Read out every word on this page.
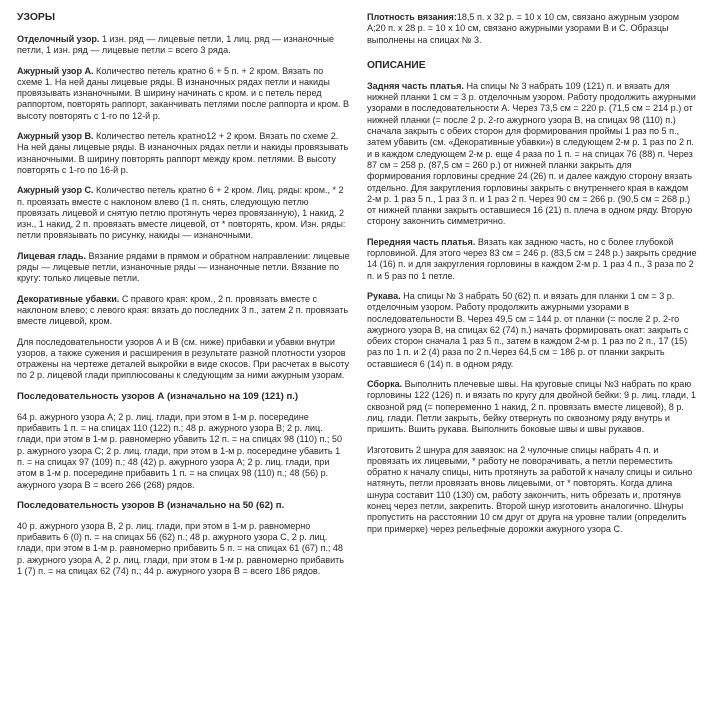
УЗОРЫ

Отделочный узор. 1 изн. ряд — лицевые петли, 1 лиц. ряд — изнаночные петли, 1 изн. ряд — лицевые петли = всего 3 ряда.

Ажурный узор А. Количество петель кратно 6 + 5 п. + 2 кром. Вязать по схеме 1. На ней даны лицевые ряды. В изнаночных рядах петли и накиды провязывать изнаночными. В ширину начинать с кром. и с петель перед раппортом, повторять раппорт, заканчивать петлями после раппорта и кром. В высоту повторять с 1-го по 12-й р.

Ажурный узор В. Количество петель кратно12 + 2 кром. Вязать по схеме 2. На ней даны лицевые ряды. В изнаночных рядах петли и накиды провязывать изнаночными. В ширину повторять раппорт между кром. петлями. В высоту повторять с 1-го по 16-й р.

Ажурный узор С. Количество петель кратно 6 + 2 кром. Лиц. ряды: кром., * 2 п. провязать вместе с наклоном влево (1 п. снять, следующую петлю провязать лицевой и снятую петлю протянуть через провязанную), 1 накид, 2 изн., 1 накид, 2 п. провязать вместе лицевой, от * повторять, кром. Изн. ряды: петли провязывать по рисунку, накиды — изнаночными.

Лицевая гладь. Вязание рядами в прямом и обратном направлении: лицевые ряды — лицевые петли, изнаночные ряды — изнаночные петли. Вязание по кругу: только лицевые петли.

Декоративные убавки. С правого края: кром., 2 п. провязать вместе с наклоном влево; с левого края: вязать до последних 3 п., затем 2 п. провязать вместе лицевой, кром.

Для последовательности узоров А и В (см. ниже) прибавки и убавки внутри узоров, а также сужения и расширения в результате разной плотности узоров отражены на чертеже деталей выкройки в виде скосов. При расчетах в высоту по 2 р. лицевой глади приплюсованы к следующим за ними ажурным узорам.

Последовательность узоров А (изначально на 109 (121) п.)

64 р. ажурного узора А; 2 р. лиц. глади, при этом в 1-м р. посередине прибавить 1 п. = на спицах 110 (122) п.; 48 р. ажурного узора В; 2 р. лиц. глади, при этом в 1-м р. равномерно убавить 12 п. = на спицах 98 (110) п.; 50 р. ажурного узора С; 2 р. лиц. глади, при этом в 1-м р. посередине убавить 1 п. = на спицах 97 (109) п.; 48 (42) р. ажурного узора А; 2 р. лиц. глади, при этом в 1-м р. посередине прибавить 1 п. = на спицах 98 (110) п.; 48 (56) р. ажурного узора В = всего 266 (268) рядов.

Последовательность узоров В (изначально на 50 (62) п.

40 р. ажурного узора В, 2 р. лиц. глади, при этом в 1-м р. равномерно прибавить 6 (0) п. = на спицах 56 (62) п.; 48 р. ажурного узора С, 2 р. лиц. глади, при этом в 1-м р. равномерно прибавить 5 п. = на спицах 61 (67) п.; 48 р. ажурного узора А, 2 р. лиц. глади, при этом в 1-м р. равномерно прибавить 1 (7) п. = на спицах 62 (74) п.; 44 р. ажурного узора В = всего 186 рядов.

Плотность вязания:18,5 п. х 32 р. = 10 х 10 см, связано ажурным узором А;20 п. х 28 р. = 10 х 10 см, связано ажурными узорами В и С. Образцы выполнены на спицах № 3.

ОПИСАНИЕ

Задняя часть платья. На спицы № 3 набрать 109 (121) п. и вязать для нижней планки 1 см = 3 р. отделочным узором. Работу продолжить ажурными узорами в последовательности А. Через 73,5 см = 220 р. (71,5 см = 214 р.) от нижней планки (= после 2 р. 2-го ажурного узора В, на спицах 98 (110) п.) сначала закрыть с обеих сторон для формирования проймы 1 раз по 5 п., затем убавить (см. «Декоративные убавки») в следующем 2-м р. 1 раз по 2 п. и в каждом следующем 2-м р. еще 4 раза по 1 п. = на спицах 76 (88) п. Через 87 см = 258 р. (87,5 см = 260 р.) от нижней планки закрыть для формирования горловины средние 24 (26) п. и далее каждую сторону вязать отдельно. Для закругления горловины закрыть с внутреннего края в каждом 2-м р. 1 раз 5 п., 1 раз 3 п. и 1 раз 2 п. Через 90 см = 266 р. (90,5 см = 268 р.) от нижней планки закрыть оставшиеся 16 (21) п. плеча в одном ряду. Вторую сторону закончить симметрично.

Передняя часть платья. Вязать как заднюю часть, но с более глубокой горловиной. Для этого через 83 см = 246 р. (83,5 см = 248 р.) закрыть средние 14 (16) п. и для закругления горловины в каждом 2-м р. 1 раз 4 п., 3 раза по 2 п. и 5 раз по 1 петле.

Рукава. На спицы № 3 набрать 50 (62) п. и вязать для планки 1 см = 3 р. отделочным узором. Работу продолжить ажурными узорами в последовательности В. Через 49,5 см = 144 р. от планки (= после 2 р. 2-го ажурного узора В, на спицах 62 (74) п.) начать формировать окат: закрыть с обеих сторон сначала 1 раз 5 п., затем в каждом 2-м р. 1 раз по 2 п., 17 (15) раз по 1 п. и 2 (4) раза по 2 п.Через 64,5 см = 186 р. от планки закрыть оставшиеся 6 (14) п. в одном ряду.

Сборка. Выполнить плечевые швы. На круговые спицы №3 набрать по краю горловины 122 (126) п. и вязать по кругу для двойной бейки: 9 р. лиц. глади, 1 сквозной ряд (= попеременно 1 накид, 2 п. провязать вместе лицевой), 8 р. лиц. глади. Петли закрыть, бейку отвернуть по сквозному ряду внутрь и пришить. Вшить рукава. Выполнить боковые швы и швы рукавов.

Изготовить 2 шнура для завязок: на 2 чулочные спицы набрать 4 п. и провязать их лицевыми, * работу не поворачивать, а петли переместить обратно к началу спицы, нить протянуть за работой к началу спицы и сильно натянуть, петли провязать вновь лицевыми, от * повторять. Когда длина шнура составит 110 (130) см, работу закончить, нить обрезать и, протянув конец через петли, закрепить. Второй шнур изготовить аналогично. Шнуры пропустить на расстоянии 10 см друг от друга на уровне талии (определить при примерке) через рельефные дорожки ажурного узора С.
